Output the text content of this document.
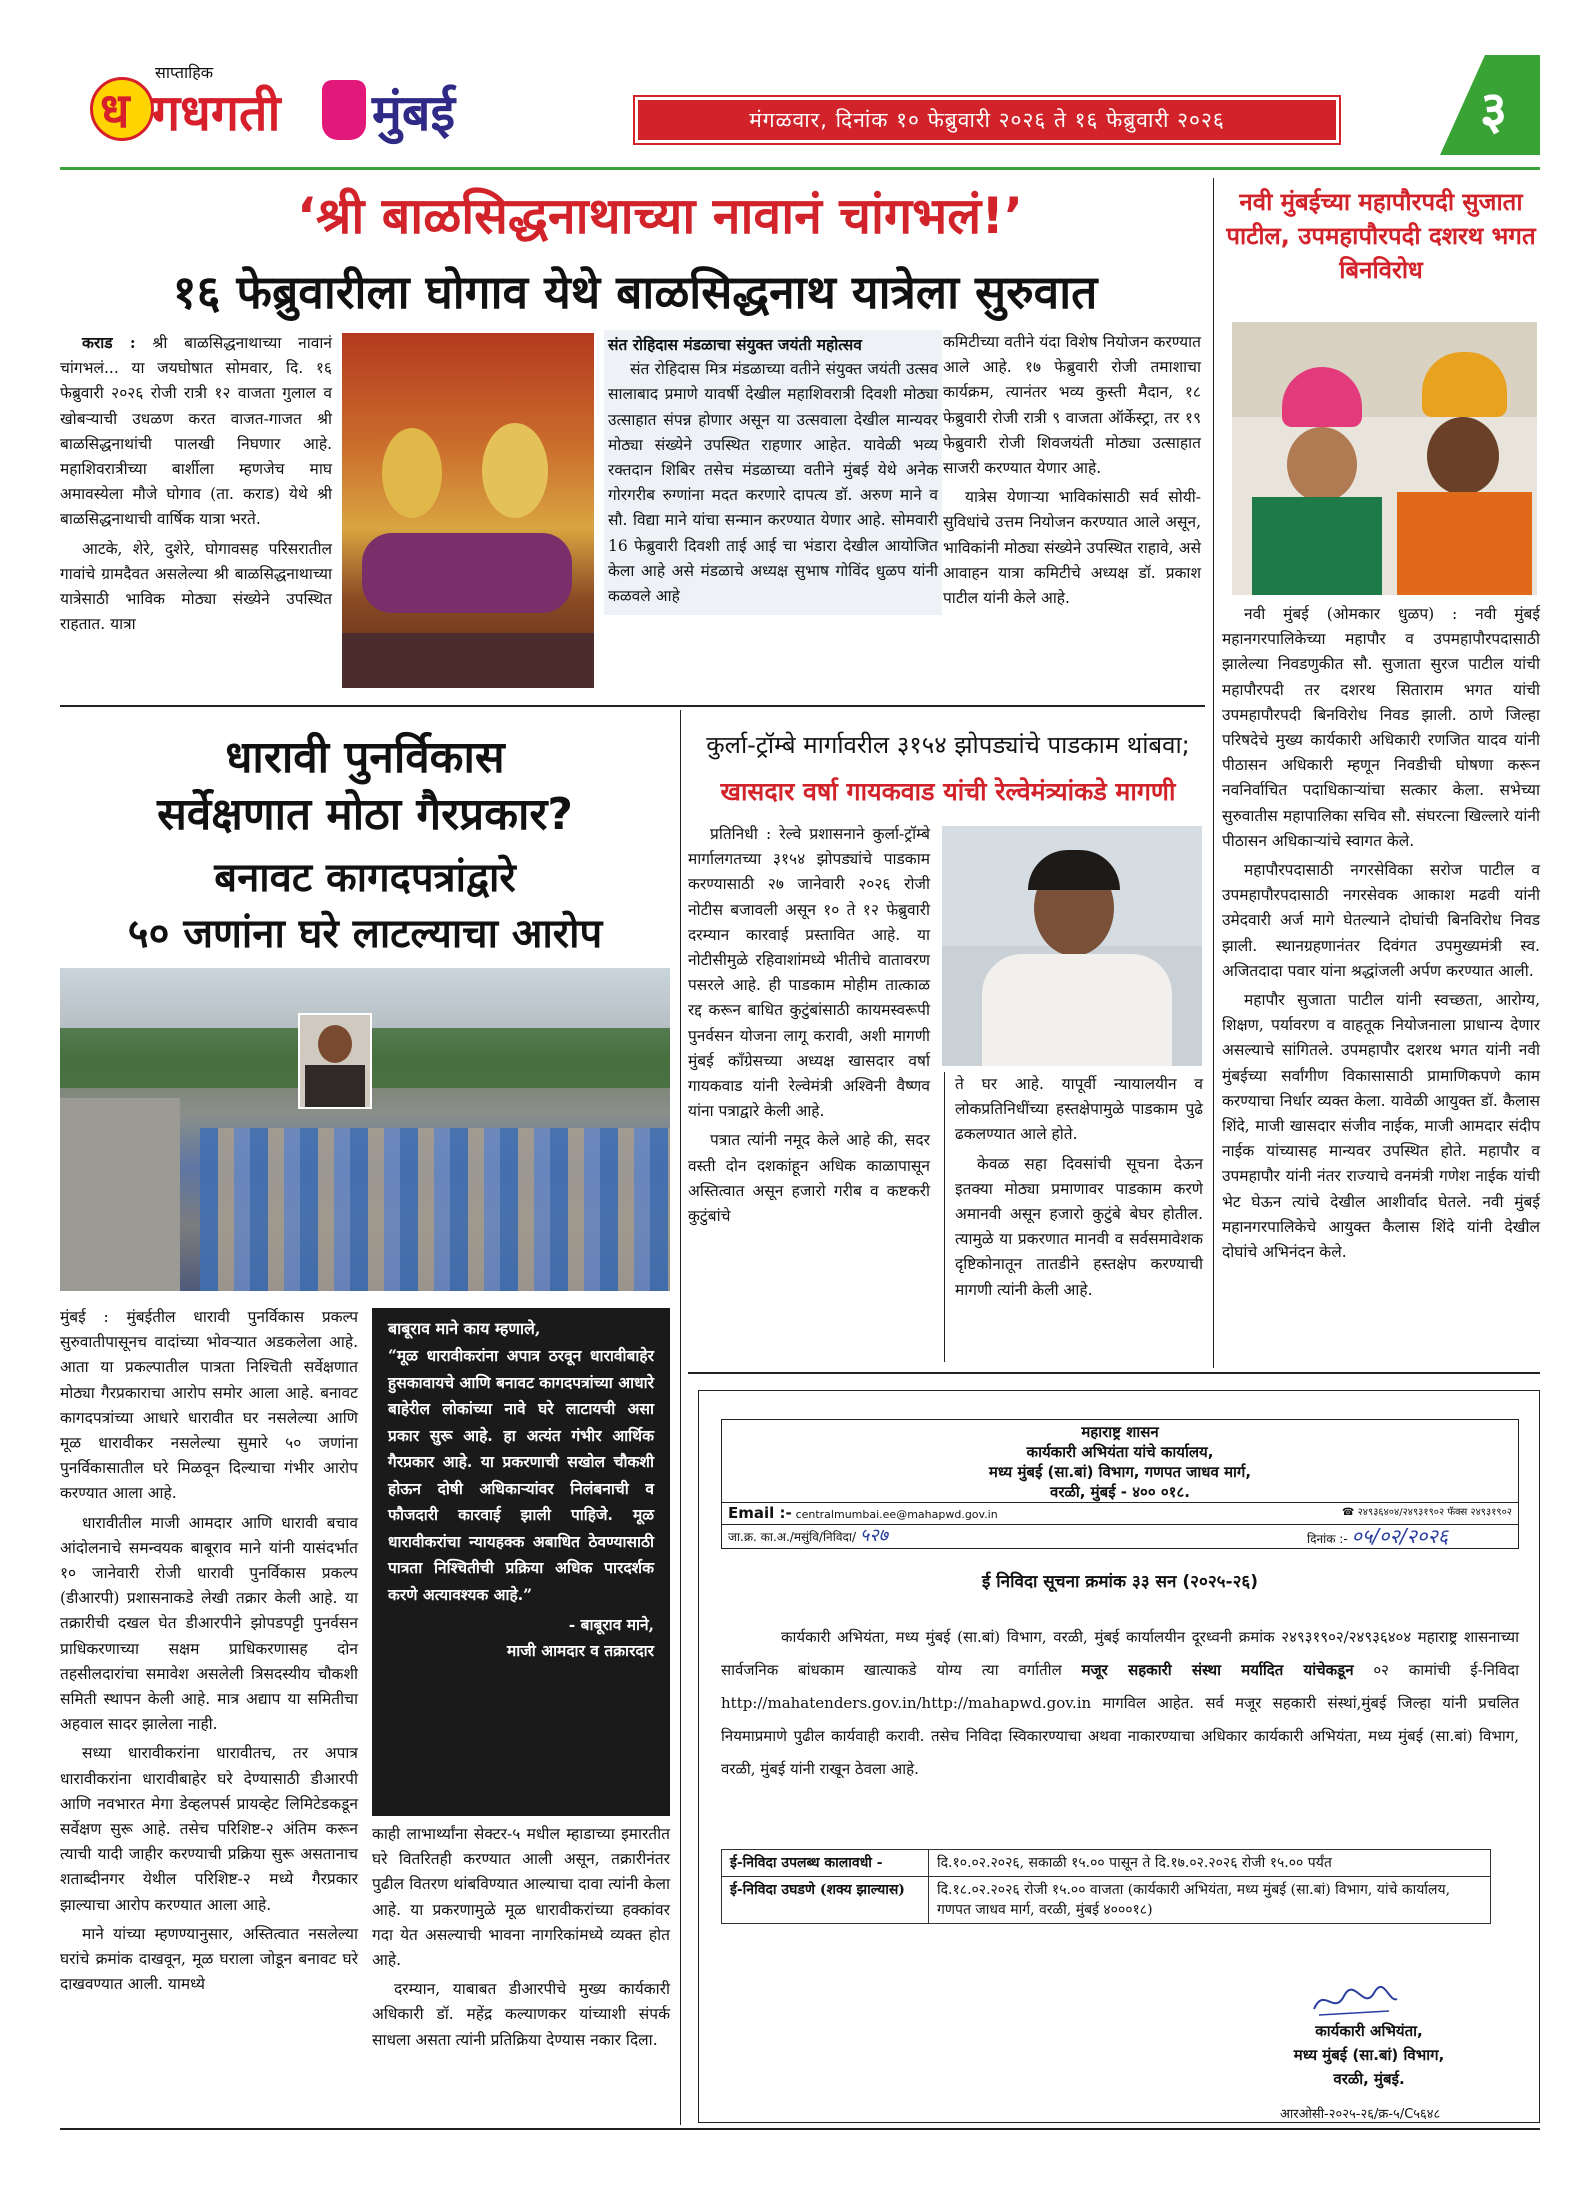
साप्ताहिक
ध गधगती मुंबई	मंगळवार, दिनांक १० फेब्रुवारी २०२६ ते १६ फेब्रुवारी २०२६	३
‘श्री बाळसिद्धनाथाच्या नावानं चांगभलं!’
१६ फेब्रुवारीला घोगाव येथे बाळसिद्धनाथ यात्रेला सुरुवात

कराड : श्री बाळसिद्धनाथाच्या नावानं चांगभलं... या जयघोषात सोमवार, दि. १६ फेब्रुवारी २०२६ रोजी रात्री १२ वाजता गुलाल व खोबऱ्याची उधळण करत वाजत-गाजत श्री बाळसिद्धनाथांची पालखी निघणार आहे. महाशिवरात्रीच्या बार्शीला म्हणजेच माघ अमावस्येला मौजे घोगाव (ता. कराड) येथे श्री बाळसिद्धनाथाची वार्षिक यात्रा भरते.

आटके, शेरे, दुशेरे, घोगावसह परिसरातील गावांचे ग्रामदैवत असलेल्या श्री बाळसिद्धनाथाच्या यात्रेसाठी भाविक मोठ्या संख्येने उपस्थित राहतात. यात्रा

संत रोहिदास मंडळाचा संयुक्त जयंती महोत्सव

संत रोहिदास मित्र मंडळाच्या वतीने संयुक्त जयंती उत्सव सालाबाद प्रमाणे यावर्षी देखील महाशिवरात्री दिवशी मोठ्या उत्साहात संपन्न होणार असून या उत्सवाला देखील मान्यवर मोठ्या संख्येने उपस्थित राहणार आहेत. यावेळी भव्य रक्तदान शिबिर तसेच मंडळाच्या वतीने मुंबई येथे अनेक गोरगरीब रुग्णांना मदत करणारे दापत्य डॉ. अरुण माने व सौ. विद्या माने यांचा सन्मान करण्यात येणार आहे. सोमवारी 16 फेब्रुवारी दिवशी ताई आई चा भंडारा देखील आयोजित केला आहे असे मंडळाचे अध्यक्ष सुभाष गोविंद धुळप यांनी कळवले आहे

कमिटीच्या वतीने यंदा विशेष नियोजन करण्यात आले आहे. १७ फेब्रुवारी रोजी तमाशाचा कार्यक्रम, त्यानंतर भव्य कुस्ती मैदान, १८ फेब्रुवारी रोजी रात्री ९ वाजता ऑर्केस्ट्रा, तर १९ फेब्रुवारी रोजी शिवजयंती मोठ्या उत्साहात साजरी करण्यात येणार आहे.

यात्रेस येणाऱ्या भाविकांसाठी सर्व सोयी-सुविधांचे उत्तम नियोजन करण्यात आले असून, भाविकांनी मोठ्या संख्येने उपस्थित राहावे, असे आवाहन यात्रा कमिटीचे अध्यक्ष डॉ. प्रकाश पाटील यांनी केले आहे.

नवी मुंबईच्या महापौरपदी सुजाता पाटील, उपमहापौरपदी दशरथ भगत बिनविरोध

नवी मुंबई (ओमकार धुळप) : नवी मुंबई महानगरपालिकेच्या महापौर व उपमहापौरपदासाठी झालेल्या निवडणुकीत सौ. सुजाता सुरज पाटील यांची महापौरपदी तर दशरथ सिताराम भगत यांची उपमहापौरपदी बिनविरोध निवड झाली. ठाणे जिल्हा परिषदेचे मुख्य कार्यकारी अधिकारी रणजित यादव यांनी पीठासन अधिकारी म्हणून निवडीची घोषणा करून नवनिर्वाचित पदाधिकाऱ्यांचा सत्कार केला. सभेच्या सुरुवातीस महापालिका सचिव सौ. संघरत्ना खिल्लारे यांनी पीठासन अधिकाऱ्यांचे स्वागत केले.

महापौरपदासाठी नगरसेविका सरोज पाटील व उपमहापौरपदासाठी नगरसेवक आकाश मढवी यांनी उमेदवारी अर्ज मागे घेतल्याने दोघांची बिनविरोध निवड झाली. स्थानग्रहणानंतर दिवंगत उपमुख्यमंत्री स्व. अजितदादा पवार यांना श्रद्धांजली अर्पण करण्यात आली.

महापौर सुजाता पाटील यांनी स्वच्छता, आरोग्य, शिक्षण, पर्यावरण व वाहतूक नियोजनाला प्राधान्य देणार असल्याचे सांगितले. उपमहापौर दशरथ भगत यांनी नवी मुंबईच्या सर्वांगीण विकासासाठी प्रामाणिकपणे काम करण्याचा निर्धार व्यक्त केला. यावेळी आयुक्त डॉ. कैलास शिंदे, माजी खासदार संजीव नाईक, माजी आमदार संदीप नाईक यांच्यासह मान्यवर उपस्थित होते. महापौर व उपमहापौर यांनी नंतर राज्याचे वनमंत्री गणेश नाईक यांची भेट घेऊन त्यांचे देखील आशीर्वाद घेतले. नवी मुंबई महानगरपालिकेचे आयुक्त कैलास शिंदे यांनी देखील दोघांचे अभिनंदन केले.

धारावी पुनर्विकास
सर्वेक्षणात मोठा गैरप्रकार?
बनावट कागदपत्रांद्वारे
५० जणांना घरे लाटल्याचा आरोप

मुंबई : मुंबईतील धारावी पुनर्विकास प्रकल्प सुरुवातीपासूनच वादांच्या भोवऱ्यात अडकलेला आहे. आता या प्रकल्पातील पात्रता निश्चिती सर्वेक्षणात मोठ्या गैरप्रकाराचा आरोप समोर आला आहे. बनावट कागदपत्रांच्या आधारे धारावीत घर नसलेल्या आणि मूळ धारावीकर नसलेल्या सुमारे ५० जणांना पुनर्विकासातील घरे मिळवून दिल्याचा गंभीर आरोप करण्यात आला आहे.

धारावीतील माजी आमदार आणि धारावी बचाव आंदोलनाचे समन्वयक बाबूराव माने यांनी यासंदर्भात १० जानेवारी रोजी धारावी पुनर्विकास प्रकल्प (डीआरपी) प्रशासनाकडे लेखी तक्रार केली आहे. या तक्रारीची दखल घेत डीआरपीने झोपडपट्टी पुनर्वसन प्राधिकरणाच्या सक्षम प्राधिकरणासह दोन तहसीलदारांचा समावेश असलेली त्रिसदस्यीय चौकशी समिती स्थापन केली आहे. मात्र अद्याप या समितीचा अहवाल सादर झालेला नाही.

सध्या धारावीकरांना धारावीतच, तर अपात्र धारावीकरांना धारावीबाहेर घरे देण्यासाठी डीआरपी आणि नवभारत मेगा डेव्हलपर्स प्रायव्हेट लिमिटेडकडून सर्वेक्षण सुरू आहे. तसेच परिशिष्ट-२ अंतिम करून त्याची यादी जाहीर करण्याची प्रक्रिया सुरू असतानाच शताब्दीनगर येथील परिशिष्ट-२ मध्ये गैरप्रकार झाल्याचा आरोप करण्यात आला आहे.

माने यांच्या म्हणण्यानुसार, अस्तित्वात नसलेल्या घरांचे क्रमांक दाखवून, मूळ घराला जोडून बनावट घरे दाखवण्यात आली. यामध्ये

बाबूराव माने काय म्हणाले,
“मूळ धारावीकरांना अपात्र ठरवून धारावीबाहेर हुसकावायचे आणि बनावट कागदपत्रांच्या आधारे बाहेरील लोकांच्या नावे घरे लाटायची असा प्रकार सुरू आहे. हा अत्यंत गंभीर आर्थिक गैरप्रकार आहे. या प्रकरणाची सखोल चौकशी होऊन दोषी अधिकाऱ्यांवर निलंबनाची व फौजदारी कारवाई झाली पाहिजे. मूळ धारावीकरांचा न्यायहक्क अबाधित ठेवण्यासाठी पात्रता निश्चितीची प्रक्रिया अधिक पारदर्शक करणे अत्यावश्यक आहे.”
- बाबूराव माने,
माजी आमदार व तक्रारदार

काही लाभार्थ्यांना सेक्टर-५ मधील म्हाडाच्या इमारतीत घरे वितरितही करण्यात आली असून, तक्रारीनंतर पुढील वितरण थांबविण्यात आल्याचा दावा त्यांनी केला आहे. या प्रकरणामुळे मूळ धारावीकरांच्या हक्कांवर गदा येत असल्याची भावना नागरिकांमध्ये व्यक्त होत आहे.

दरम्यान, याबाबत डीआरपीचे मुख्य कार्यकारी अधिकारी डॉ. महेंद्र कल्याणकर यांच्याशी संपर्क साधला असता त्यांनी प्रतिक्रिया देण्यास नकार दिला.

कुर्ला-ट्रॉम्बे मार्गावरील ३१५४ झोपड्यांचे पाडकाम थांबवा;
खासदार वर्षा गायकवाड यांची रेल्वेमंत्र्यांकडे मागणी

प्रतिनिधी : रेल्वे प्रशासनाने कुर्ला-ट्रॉम्बे मार्गालगतच्या ३१५४ झोपड्यांचे पाडकाम करण्यासाठी २७ जानेवारी २०२६ रोजी नोटीस बजावली असून १० ते १२ फेब्रुवारी दरम्यान कारवाई प्रस्तावित आहे. या नोटीसीमुळे रहिवाशांमध्ये भीतीचे वातावरण पसरले आहे. ही पाडकाम मोहीम तात्काळ रद्द करून बाधित कुटुंबांसाठी कायमस्वरूपी पुनर्वसन योजना लागू करावी, अशी मागणी मुंबई काँग्रेसच्या अध्यक्ष खासदार वर्षा गायकवाड यांनी रेल्वेमंत्री अश्विनी वैष्णव यांना पत्राद्वारे केली आहे.

पत्रात त्यांनी नमूद केले आहे की, सदर वस्ती दोन दशकांहून अधिक काळापासून अस्तित्वात असून हजारो गरीब व कष्टकरी कुटुंबांचे

ते घर आहे. यापूर्वी न्यायालयीन व लोकप्रतिनिधींच्या हस्तक्षेपामुळे पाडकाम पुढे ढकलण्यात आले होते.

केवळ सहा दिवसांची सूचना देऊन इतक्या मोठ्या प्रमाणावर पाडकाम करणे अमानवी असून हजारो कुटुंबे बेघर होतील. त्यामुळे या प्रकरणात मानवी व सर्वसमावेशक दृष्टिकोनातून तातडीने हस्तक्षेप करण्याची मागणी त्यांनी केली आहे.

महाराष्ट्र शासन
कार्यकारी अभियंता यांचे कार्यालय,
मध्य मुंबई (सा.बां) विभाग, गणपत जाधव मार्ग,
वरळी, मुंबई - ४०० ०१८.
Email :- centralmumbai.ee@mahapwd.gov.in	☎ २४९३६४०४/२४९३१९०२ फॅक्स २४९३१९०२
जा.क्र. का.अ./मसुंवि/निविदा/ ५२७	दिनांक :- ०५/०२/२०२६
ई निविदा सूचना क्रमांक ३३ सन (२०२५-२६)
कार्यकारी अभियंता, मध्य मुंबई (सा.बां) विभाग, वरळी, मुंबई कार्यालयीन दूरध्वनी क्रमांक २४९३१९०२/२४९३६४०४ महाराष्ट्र शासनाच्या सार्वजनिक बांधकाम खात्याकडे योग्य त्या वर्गातील मजूर सहकारी संस्था मर्यादित यांचेकडून ०२ कामांची ई-निविदा http://mahatenders.gov.in/http://mahapwd.gov.in मागविल आहेत. सर्व मजूर सहकारी संस्थां,मुंबई जिल्हा यांनी प्रचलित नियमाप्रमाणे पुढील कार्यवाही करावी. तसेच निविदा स्विकारण्याचा अथवा नाकारण्याचा अधिकार कार्यकारी अभियंता, मध्य मुंबई (सा.बां) विभाग, वरळी, मुंबई यांनी राखून ठेवला आहे.
ई-निविदा उपलब्ध कालावधी -	दि.१०.०२.२०२६, सकाळी १५.०० पासून ते दि.१७.०२.२०२६ रोजी १५.०० पर्यंत
ई-निविदा उघडणे (शक्य झाल्यास)	दि.१८.०२.२०२६ रोजी १५.०० वाजता (कार्यकारी अभियंता, मध्य मुंबई (सा.बां) विभाग, यांचे कार्यालय, गणपत जाधव मार्ग, वरळी, मुंबई ४०००१८)
कार्यकारी अभियंता,
मध्य मुंबई (सा.बां) विभाग,
वरळी, मुंबई.
आरओसी-२०२५-२६/क्र-५/C५६४८
